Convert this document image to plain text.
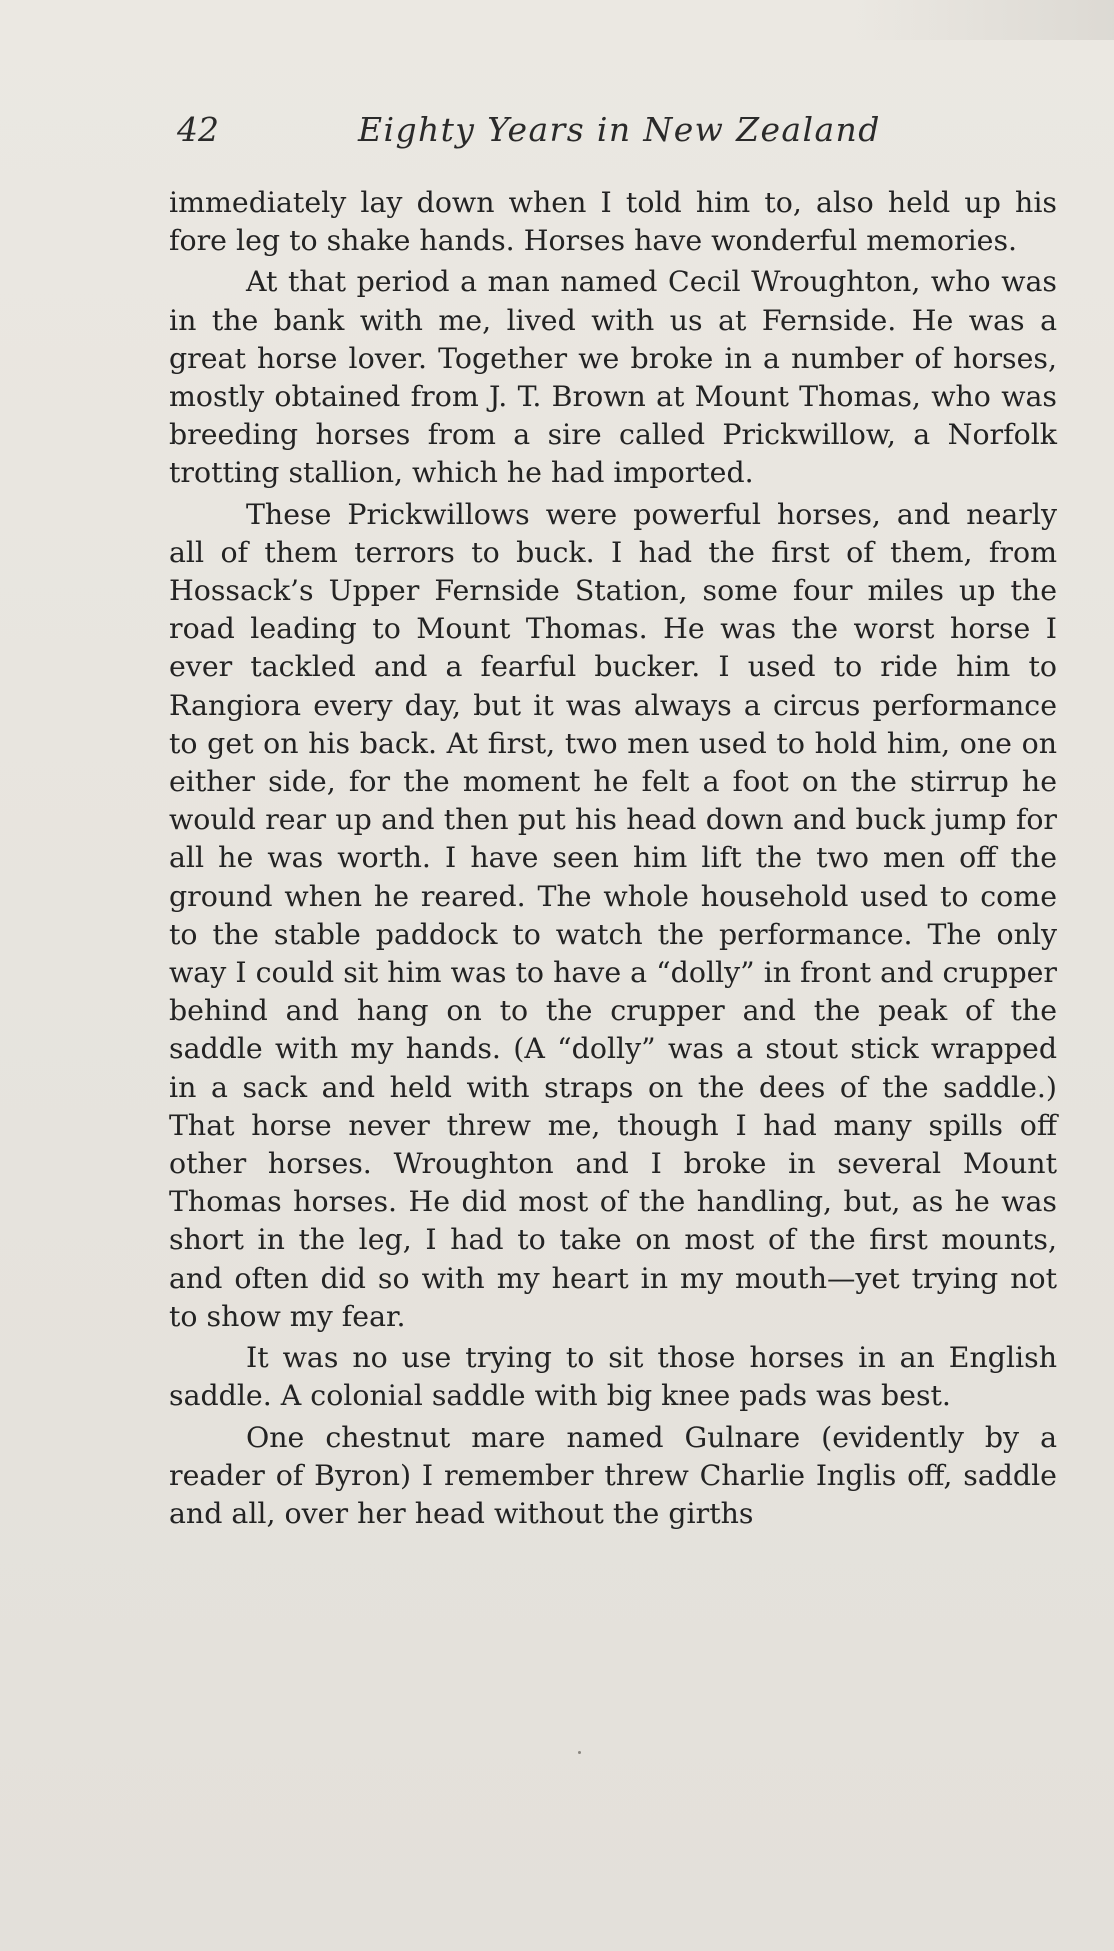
42	Eighty Years in New Zealand

immediately lay down when I told him to, also held up his fore leg to shake hands. Horses have wonderful memories.

At that period a man named Cecil Wroughton, who was in the bank with me, lived with us at Fernside. He was a great horse lover. Together we broke in a number of horses, mostly obtained from J. T. Brown at Mount Thomas, who was breeding horses from a sire called Prickwillow, a Norfolk trotting stallion, which he had imported.

These Prickwillows were powerful horses, and nearly all of them terrors to buck. I had the first of them, from Hossack’s Upper Fernside Station, some four miles up the road leading to Mount Thomas. He was the worst horse I ever tackled and a fearful bucker. I used to ride him to Rangiora every day, but it was always a circus performance to get on his back. At first, two men used to hold him, one on either side, for the moment he felt a foot on the stirrup he would rear up and then put his head down and buck jump for all he was worth. I have seen him lift the two men off the ground when he reared. The whole household used to come to the stable paddock to watch the performance. The only way I could sit him was to have a “dolly” in front and crupper behind and hang on to the crupper and the peak of the saddle with my hands. (A “dolly” was a stout stick wrapped in a sack and held with straps on the dees of the saddle.) That horse never threw me, though I had many spills off other horses. Wroughton and I broke in several Mount Thomas horses. He did most of the handling, but, as he was short in the leg, I had to take on most of the first mounts, and often did so with my heart in my mouth—yet trying not to show my fear.

It was no use trying to sit those horses in an English saddle. A colonial saddle with big knee pads was best.

One chestnut mare named Gulnare (evidently by a reader of Byron) I remember threw Charlie Inglis off, saddle and all, over her head without the girths
